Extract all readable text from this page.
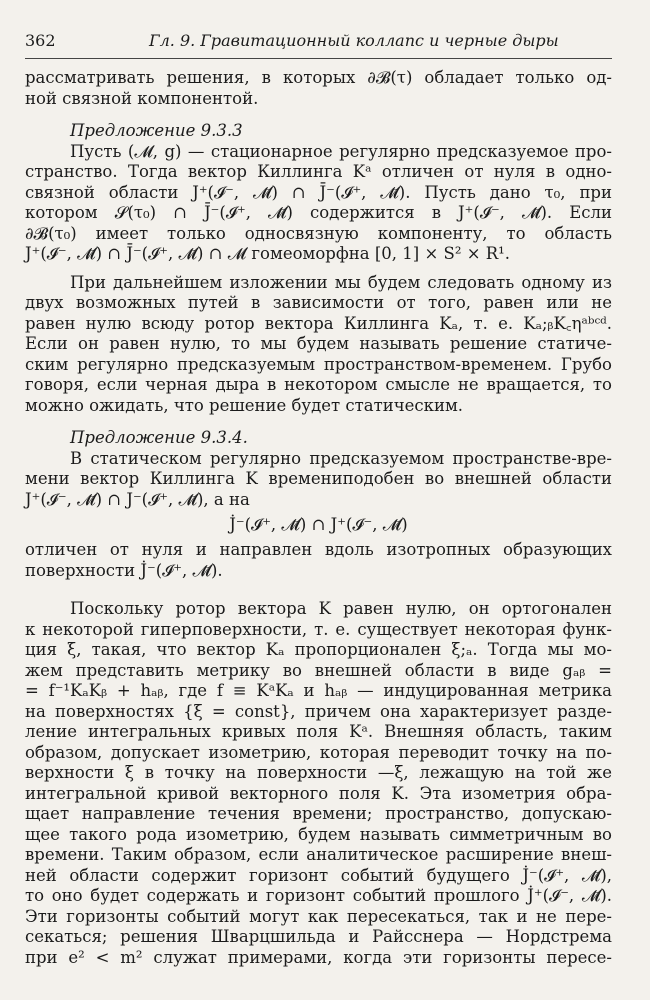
362	Гл. 9. Гравитационный коллапс и черные дыры
рассматривать решения, в которых ∂𝓑(τ) обладает только од-
ной связной компонентой.
Предложение 9.3.3
Пусть (𝓜, g) — стационарное регулярно предсказуемое про-
странство. Тогда вектор Киллинга Kᵃ отличен от нуля в одно-
связной области J⁺(𝓘⁻, 𝓜̄) ∩ J̄⁻(𝓘⁺, 𝓜̄). Пусть дано τ₀, при
котором 𝓢(τ₀) ∩ J̄⁻(𝓘⁺, 𝓜̄) содержится в J⁺(𝓘⁻, 𝓜̄). Если
∂𝓑(τ₀) имеет только односвязную компоненту, то область
J⁺(𝓘⁻, 𝓜̄) ∩ J̄⁻(𝓘⁺, 𝓜̄) ∩ 𝓜 гомеоморфна [0, 1] × S² × R¹.
При дальнейшем изложении мы будем следовать одному из
двух возможных путей в зависимости от того, равен или не
равен нулю всюду ротор вектора Киллинга Kₐ, т. е. Kₐ;ᵦK꜀ηᵃᵇᶜᵈ.
Если он равен нулю, то мы будем называть решение статиче-
ским регулярно предсказуемым пространством-временем. Грубо
говоря, если черная дыра в некотором смысле не вращается, то
можно ожидать, что решение будет статическим.
Предложение 9.3.4.
В статическом регулярно предсказуемом пространстве-вре-
мени вектор Киллинга K времениподобен во внешней области
J⁺(𝓘⁻, 𝓜̄) ∩ J⁻(𝓘⁺, 𝓜̄), а на
J̇⁻(𝓘⁺, 𝓜̄) ∩ J⁺(𝓘⁻, 𝓜̄)
отличен от нуля и направлен вдоль изотропных образующих
поверхности J̇⁻(𝓘⁺, 𝓜̄).
Поскольку ротор вектора K равен нулю, он ортогонален
к некоторой гиперповерхности, т. е. существует некоторая функ-
ция ξ, такая, что вектор Kₐ пропорционален ξ;ₐ. Тогда мы мо-
жем представить метрику во внешней области в виде gₐᵦ =
= f⁻¹KₐKᵦ + hₐᵦ, где f ≡ KᵃKₐ и hₐᵦ — индуцированная метрика
на поверхностях {ξ = const}, причем она характеризует разде-
ление интегральных кривых поля Kᵃ. Внешняя область, таким
образом, допускает изометрию, которая переводит точку на по-
верхности ξ в точку на поверхности —ξ, лежащую на той же
интегральной кривой векторного поля K. Эта изометрия обра-
щает направление течения времени; пространство, допускаю-
щее такого рода изометрию, будем называть симметричным во
времени. Таким образом, если аналитическое расширение внеш-
ней области содержит горизонт событий будущего J̇⁻(𝓘⁺, 𝓜̄),
то оно будет содержать и горизонт событий прошлого J̇⁺(𝓘⁻, 𝓜̄).
Эти горизонты событий могут как пересекаться, так и не пере-
секаться; решения Шварцшильда и Райсснера — Нордстрема
при e² < m² служат примерами, когда эти горизонты пересе-
